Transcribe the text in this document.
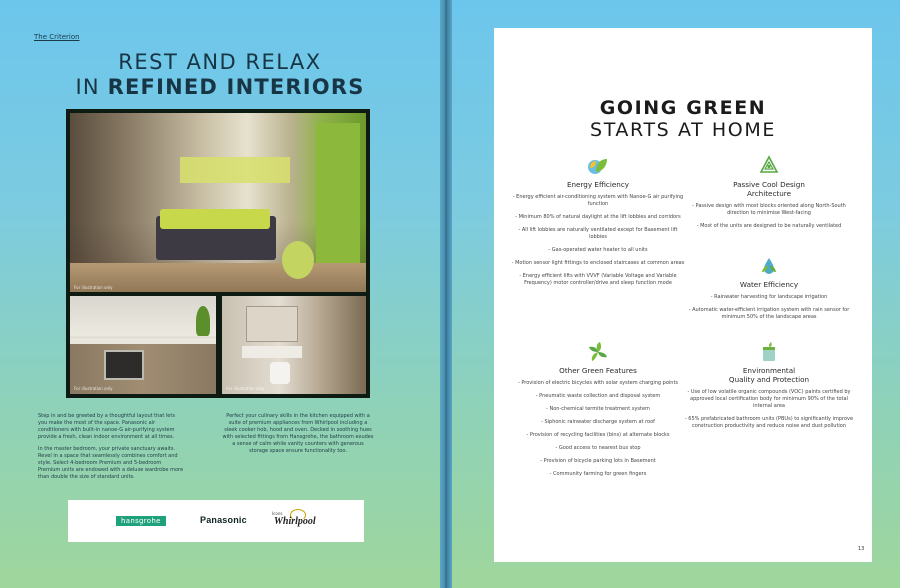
The Criterion
REST AND RELAX
IN REFINED INTERIORS
For illustration only
For illustration only	For illustration only

Step in and be greeted by a thoughtful layout that lets you make the most of the space. Panasonic air conditioners with built-in nanoe-G air-purifying system provide a fresh, clean indoor environment at all times.

In the master bedroom, your private sanctuary awaits. Revel in a space that seamlessly combines comfort and style. Select 4-bedroom Premium and 5-bedroom Premium units are endowed with a deluxe wardrobe more than double the size of standard units.

Perfect your culinary skills in the kitchen equipped with a suite of premium appliances from Whirlpool including a sleek cooker hob, hood and oven. Decked in soothing hues with selected fittings from Hansgrohe, the bathroom exudes a sense of calm while vanity counters with generous storage space ensure functionality too.

hansgrohe	Panasonic
Icons
Whirlpool
GOING GREEN
STARTS AT HOME
Energy Efficiency
- Energy efficient air-conditioning system with Nanoe-G air purifying function
- Minimum 80% of natural daylight at the lift lobbies and corridors
- All lift lobbies are naturally ventilated except for Basement lift lobbies
- Gas-operated water heater to all units
- Motion sensor light fittings to enclosed staircases at common areas
- Energy efficient lifts with VVVF (Variable Voltage and Variable Frequency) motor controller/drive and sleep function mode
Passive Cool Design
Architecture
- Passive design with most blocks oriented along North-South direction to minimise West-facing
- Most of the units are designed to be naturally ventilated
Water Efficiency
- Rainwater harvesting for landscape irrigation
- Automatic water-efficient irrigation system with rain sensor for minimum 50% of the landscape areas
Other Green Features
- Provision of electric bicycles with solar system charging points
- Pneumatic waste collection and disposal system
- Non-chemical termite treatment system
- Siphonic rainwater discharge system at roof
- Provision of recycling facilities (bins) at alternate blocks
- Good access to nearest bus stop
- Provision of bicycle parking lots in Basement
- Community farming for green fingers
Environmental
Quality and Protection
- Use of low volatile organic compounds (VOC) paints certified by approved local certification body for minimum 90% of the total internal area
- 65% prefabricated bathroom units (PBUs) to significantly improve construction productivity and reduce noise and dust pollution
13
